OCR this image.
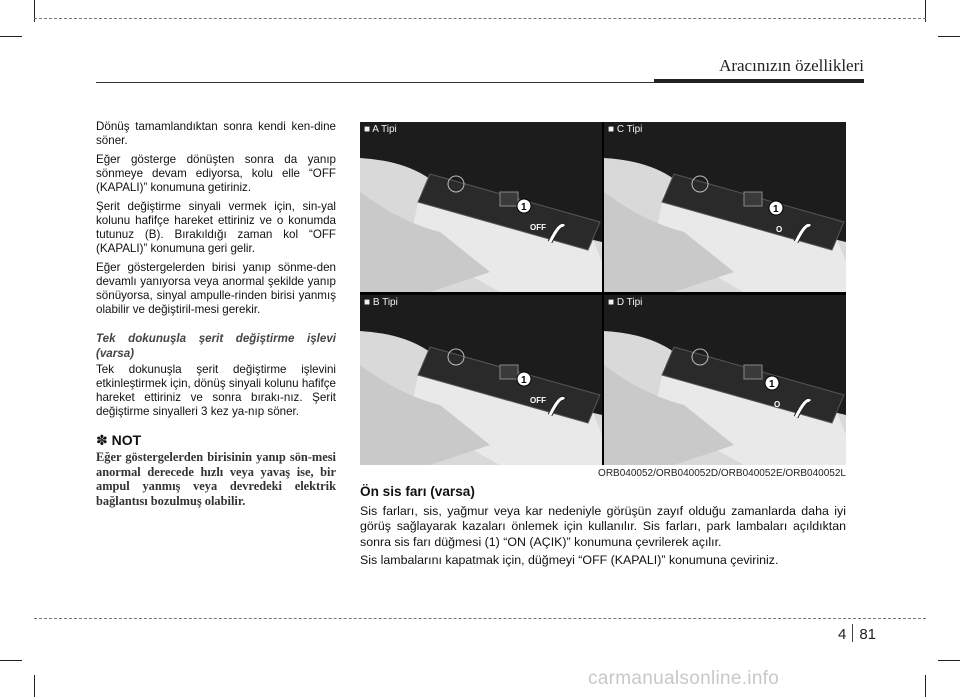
Aracınızın özellikleri

Dönüş tamamlandıktan sonra kendi ken-dine söner.

Eğer gösterge dönüşten sonra da yanıp sönmeye devam ediyorsa, kolu elle “OFF (KAPALI)” konumuna getiriniz.

Şerit değiştirme sinyali vermek için, sin-yal kolunu hafifçe hareket ettiriniz ve o konumda tutunuz (B). Bırakıldığı zaman kol “OFF (KAPALI)” konumuna geri gelir.

Eğer göstergelerden birisi yanıp sönme-den devamlı yanıyorsa veya anormal şekilde yanıp sönüyorsa, sinyal ampulle-rinden birisi yanmış olabilir ve değiştiril-mesi gerekir.

Tek dokunuşla şerit değiştirme işlevi (varsa)

Tek dokunuşla şerit değiştirme işlevini etkinleştirmek için, dönüş sinyali kolunu hafifçe hareket ettiriniz ve sonra bırakı-nız. Şerit değiştirme sinyalleri 3 kez ya-nıp söner.

✽ NOT

Eğer göstergelerden birisinin yanıp sön-mesi anormal derecede hızlı veya yavaş ise, bir ampul yanmış veya devredeki elektrik bağlantısı bozulmuş olabilir.

■ A Tipi
1
OFF
■ C Tipi
1
O
■ B Tipi
1
OFF
■ D Tipi
1
O
ORB040052/ORB040052D/ORB040052E/ORB040052L
Ön sis farı (varsa)

Sis farları, sis, yağmur veya kar nedeniyle görüşün zayıf olduğu zamanlarda daha iyi görüş sağlayarak kazaları önlemek için kullanılır. Sis farları, park lambaları açıldıktan sonra sis farı düğmesi (1) “ON (AÇIK)” konumuna çevrilerek açılır.

Sis lambalarını kapatmak için, düğmeyi “OFF (KAPALI)” konumuna çeviriniz.

4 81
carmanualsonline.info
